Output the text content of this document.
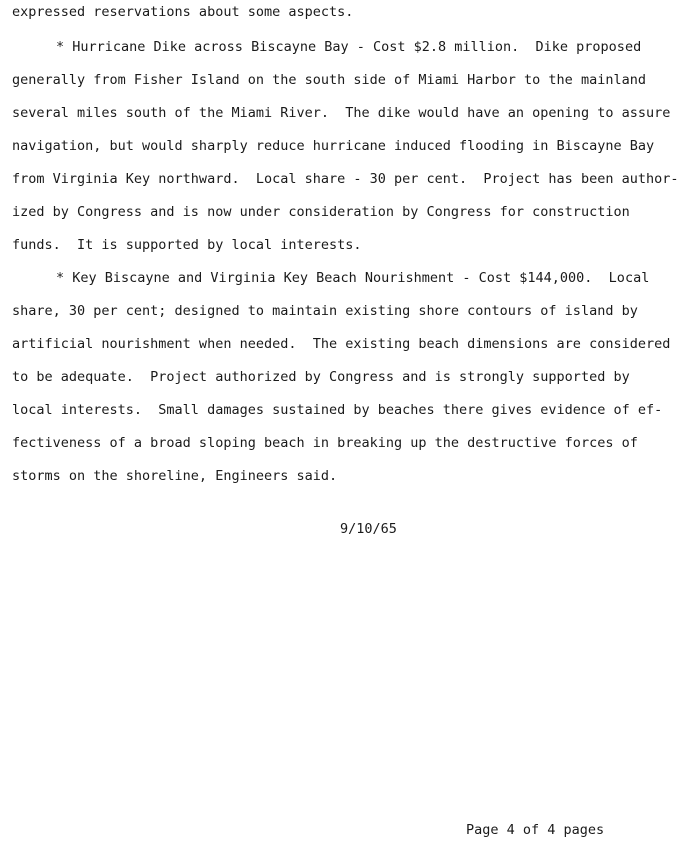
expressed reservations about some aspects.
* Hurricane Dike across Biscayne Bay - Cost $2.8 million.  Dike proposed
generally from Fisher Island on the south side of Miami Harbor to the mainland
several miles south of the Miami River.  The dike would have an opening to assure
navigation, but would sharply reduce hurricane induced flooding in Biscayne Bay
from Virginia Key northward.  Local share - 30 per cent.  Project has been author-
ized by Congress and is now under consideration by Congress for construction
funds.  It is supported by local interests.
* Key Biscayne and Virginia Key Beach Nourishment - Cost $144,000.  Local
share, 30 per cent; designed to maintain existing shore contours of island by
artificial nourishment when needed.  The existing beach dimensions are considered
to be adequate.  Project authorized by Congress and is strongly supported by
local interests.  Small damages sustained by beaches there gives evidence of ef-
fectiveness of a broad sloping beach in breaking up the destructive forces of
storms on the shoreline, Engineers said.
9/10/65
Page 4 of 4 pages
